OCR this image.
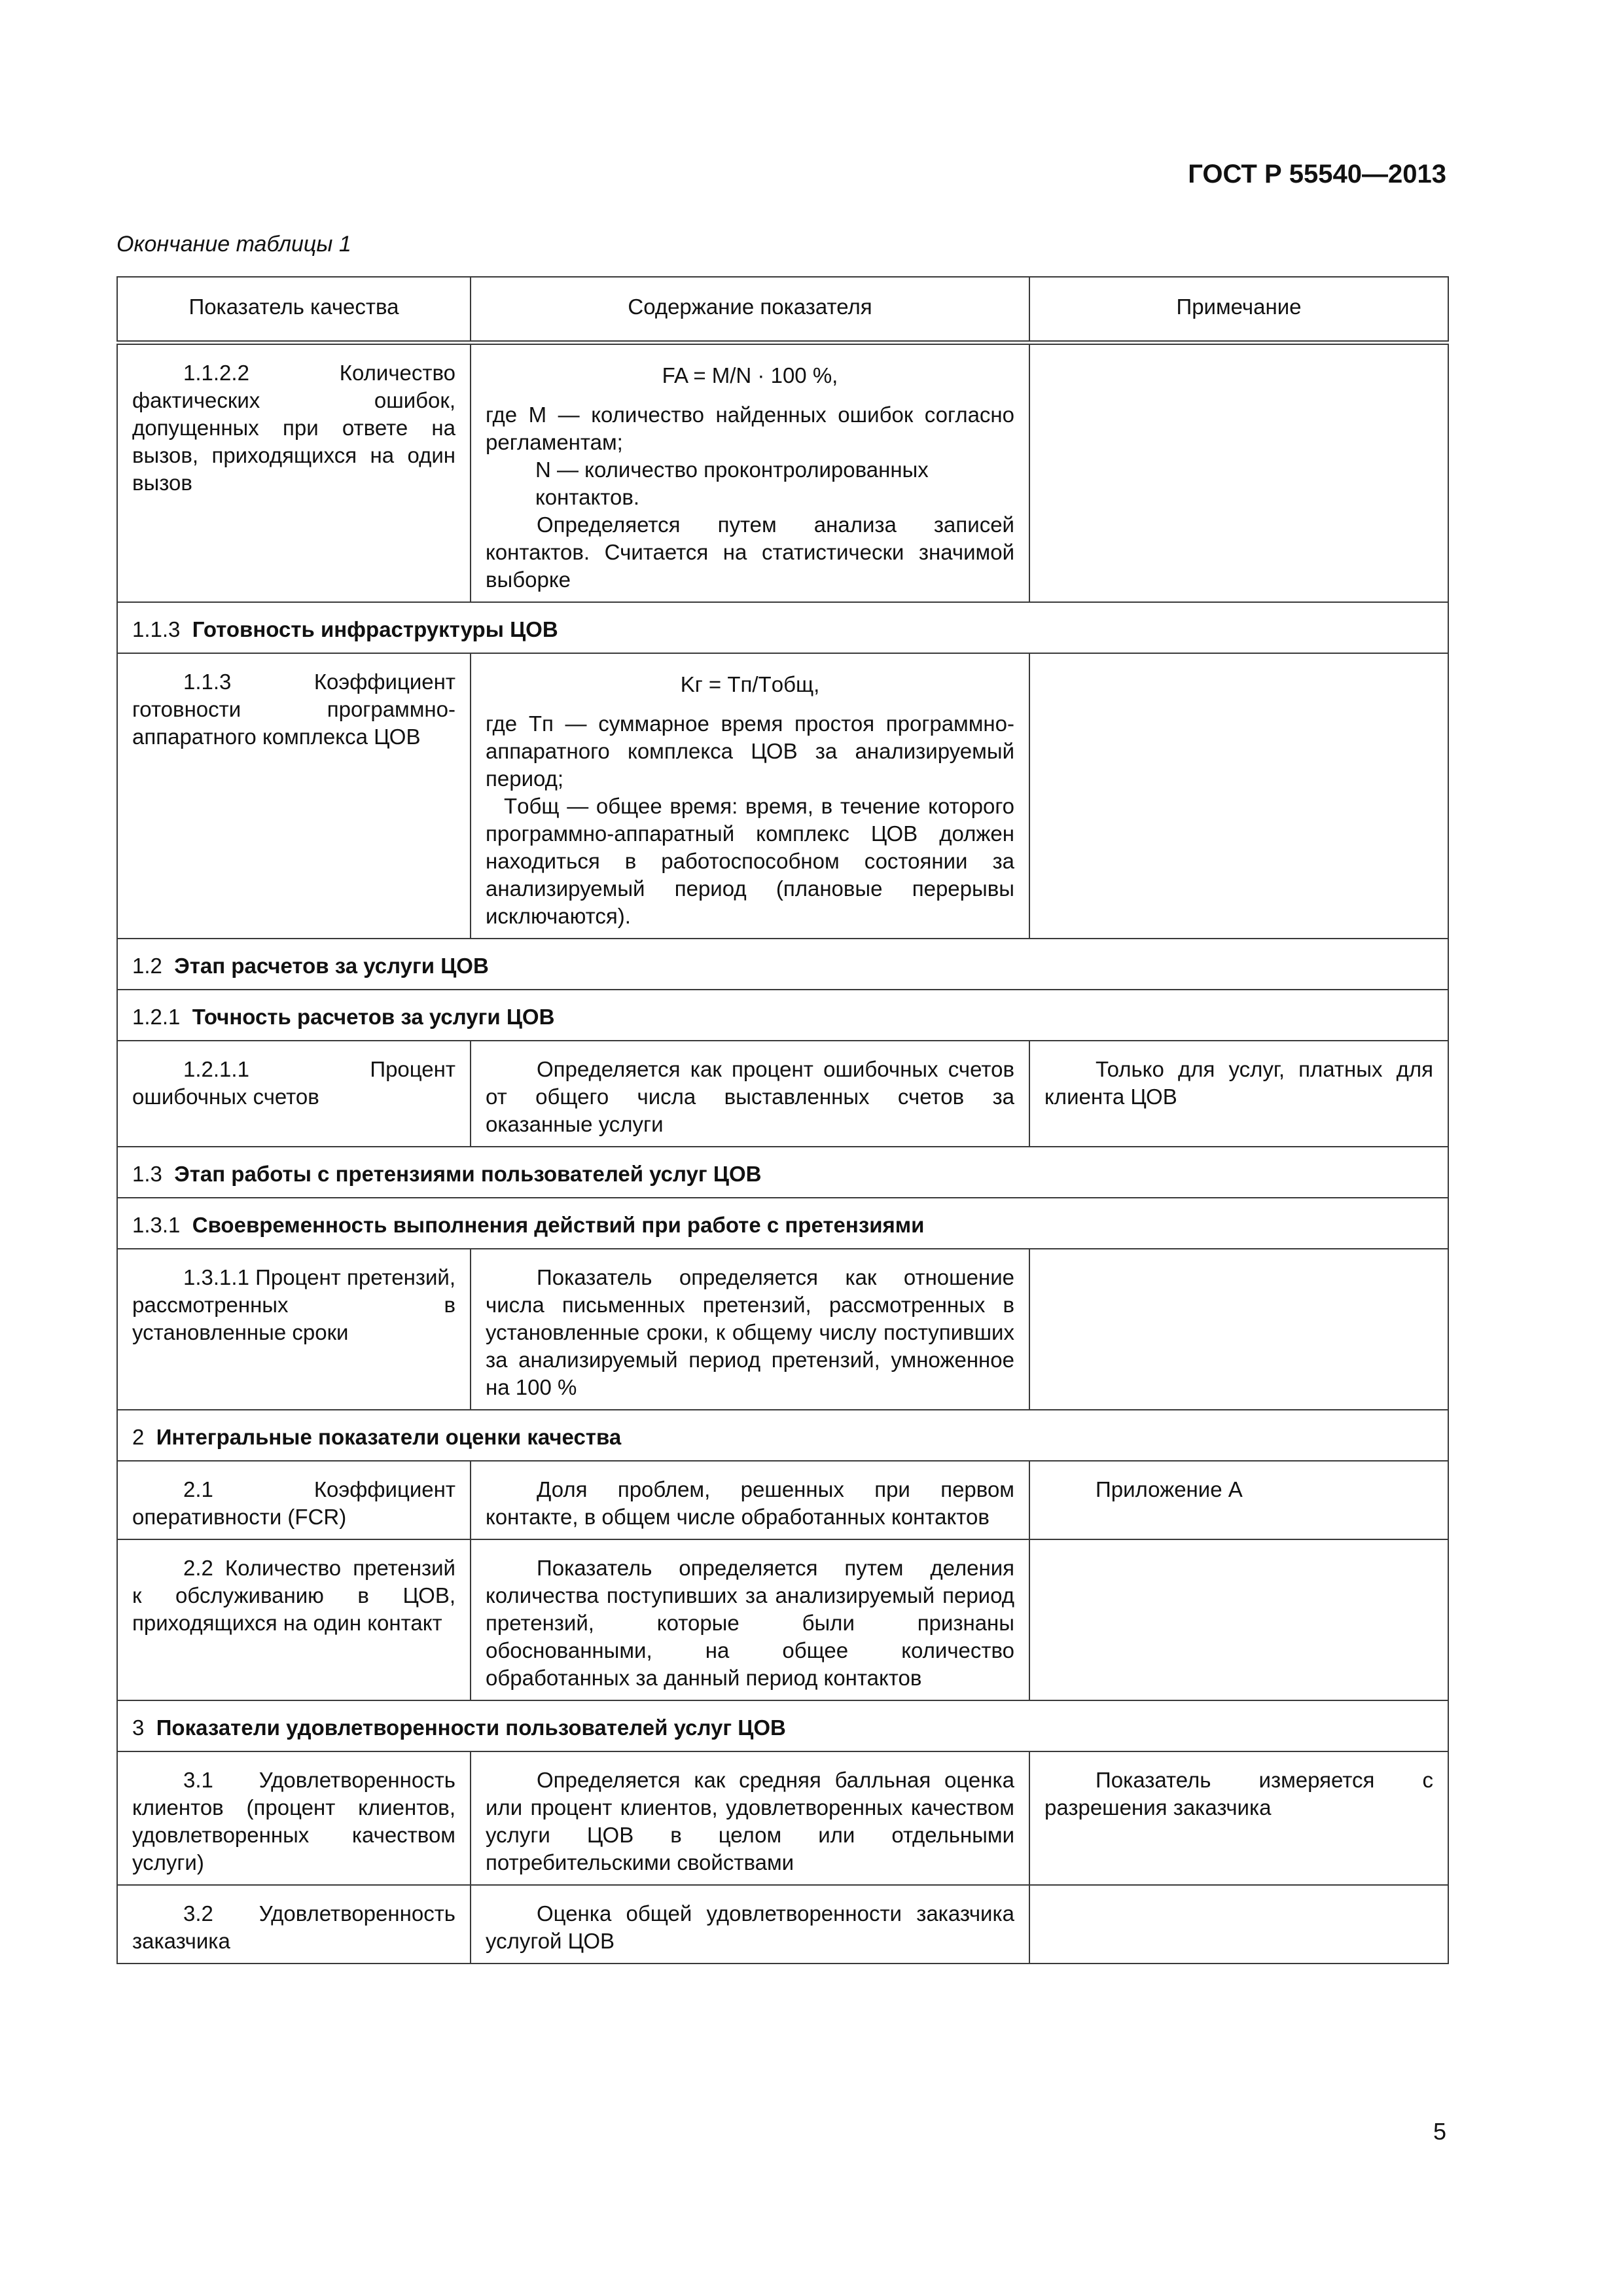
ГОСТ Р 55540—2013
Окончание таблицы 1
Показатель качества	Содержание показателя	Примечание
1.1.2.2 Количество фактических ошибок, допущенных при ответе на вызов, приходящихся на один вызов	FA = M/N · 100 %,

где M — количество найденных ошибок согласно регламентам;

N — количество проконтролированных контактов.

Определяется путем анализа записей контактов. Считается на статистически значимой выборке	

1.1.3 Готовность инфраструктуры ЦОВ		
1.1.3 Коэффициент готовности программно-аппаратного комплекса ЦОВ	Kг = Tп/Tобщ,

где Tп — суммарное время простоя программно-аппаратного комплекса ЦОВ за анализируемый период;

Tобщ — общее время: время, в течение которого программно-аппаратный комплекс ЦОВ должен находиться в работоспособном состоянии за анализируемый период (плановые перерывы исключаются).	

1.2 Этап расчетов за услуги ЦОВ		
1.2.1 Точность расчетов за услуги ЦОВ		
1.2.1.1 Процент ошибочных счетов	Определяется как процент ошибочных счетов от общего числа выставленных счетов за оказанные услуги	Только для услуг, платных для клиента ЦОВ
1.3 Этап работы с претензиями пользователей услуг ЦОВ		
1.3.1 Своевременность выполнения действий при работе с претензиями		
1.3.1.1 Процент претензий, рассмотренных в установленные сроки	Показатель определяется как отношение числа письменных претензий, рассмотренных в установленные сроки, к общему числу поступивших за анализируемый период претензий, умноженное на 100 %	
2 Интегральные показатели оценки качества		
2.1 Коэффициент оперативности (FCR)	Доля проблем, решенных при первом контакте, в общем числе обработанных контактов	Приложение А
2.2 Количество претензий к обслуживанию в ЦОВ, приходящихся на один контакт	Показатель определяется путем деления количества поступивших за анализируемый период претензий, которые были признаны обоснованными, на общее количество обработанных за данный период контактов	
3 Показатели удовлетворенности пользователей услуг ЦОВ		
3.1 Удовлетворенность клиентов (процент клиентов, удовлетворенных качеством услуги)	Определяется как средняя балльная оценка или процент клиентов, удовлетворенных качеством услуги ЦОВ в целом или отдельными потребительскими свойствами	Показатель измеряется с разрешения заказчика
3.2 Удовлетворенность заказчика	Оценка общей удовлетворенности заказчика услугой ЦОВ	
5
